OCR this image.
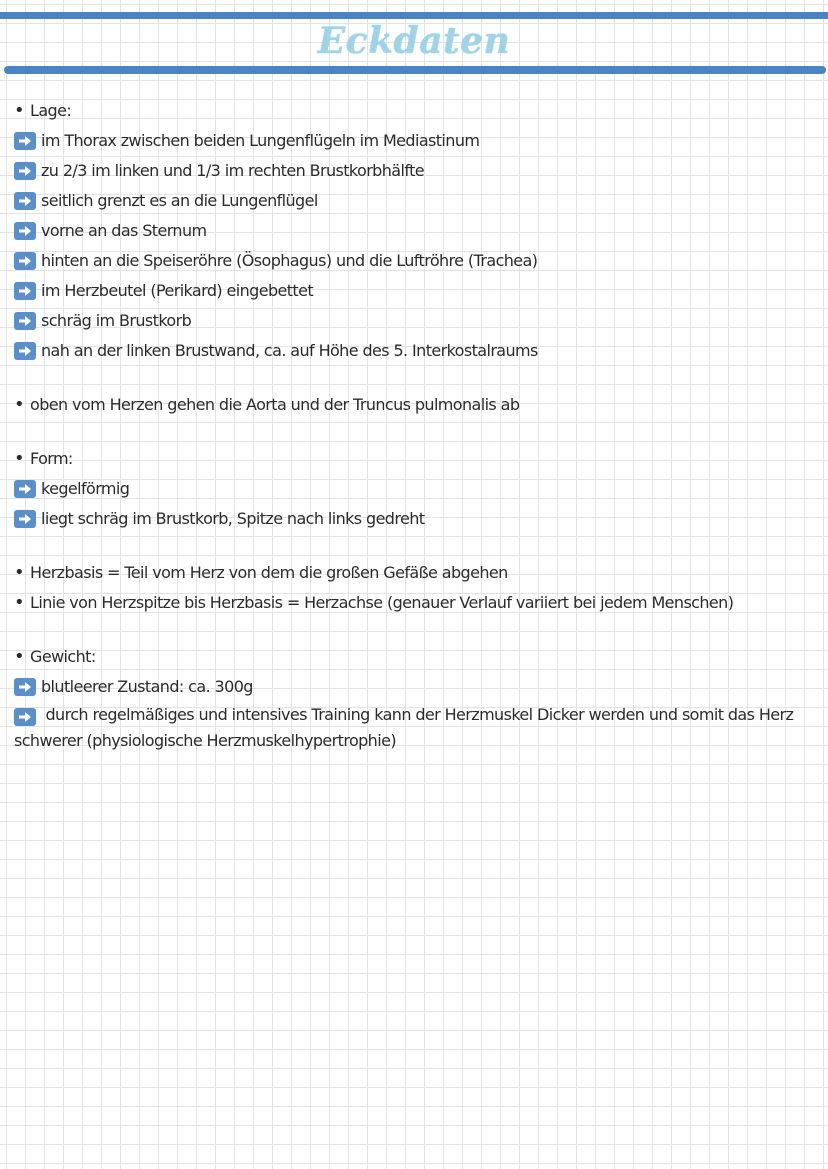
Eckdaten
• Lage:
im Thorax zwischen beiden Lungenflügeln im Mediastinum
zu 2/3 im linken und 1/3 im rechten Brustkorbhälfte
seitlich grenzt es an die Lungenflügel
vorne an das Sternum
hinten an die Speiseröhre (Ösophagus) und die Luftröhre (Trachea)
im Herzbeutel (Perikard) eingebettet
schräg im Brustkorb
nah an der linken Brustwand, ca. auf Höhe des 5. Interkostalraums
• oben vom Herzen gehen die Aorta und der Truncus pulmonalis ab
• Form:
kegelförmig
liegt schräg im Brustkorb, Spitze nach links gedreht
• Herzbasis = Teil vom Herz von dem die großen Gefäße abgehen
• Linie von Herzspitze bis Herzbasis = Herzachse (genauer Verlauf variiert bei jedem Menschen)
• Gewicht:
blutleerer Zustand: ca. 300g
durch regelmäßiges und intensives Training kann der Herzmuskel Dicker werden und somit das Herz schwerer (physiologische Herzmuskelhypertrophie)
